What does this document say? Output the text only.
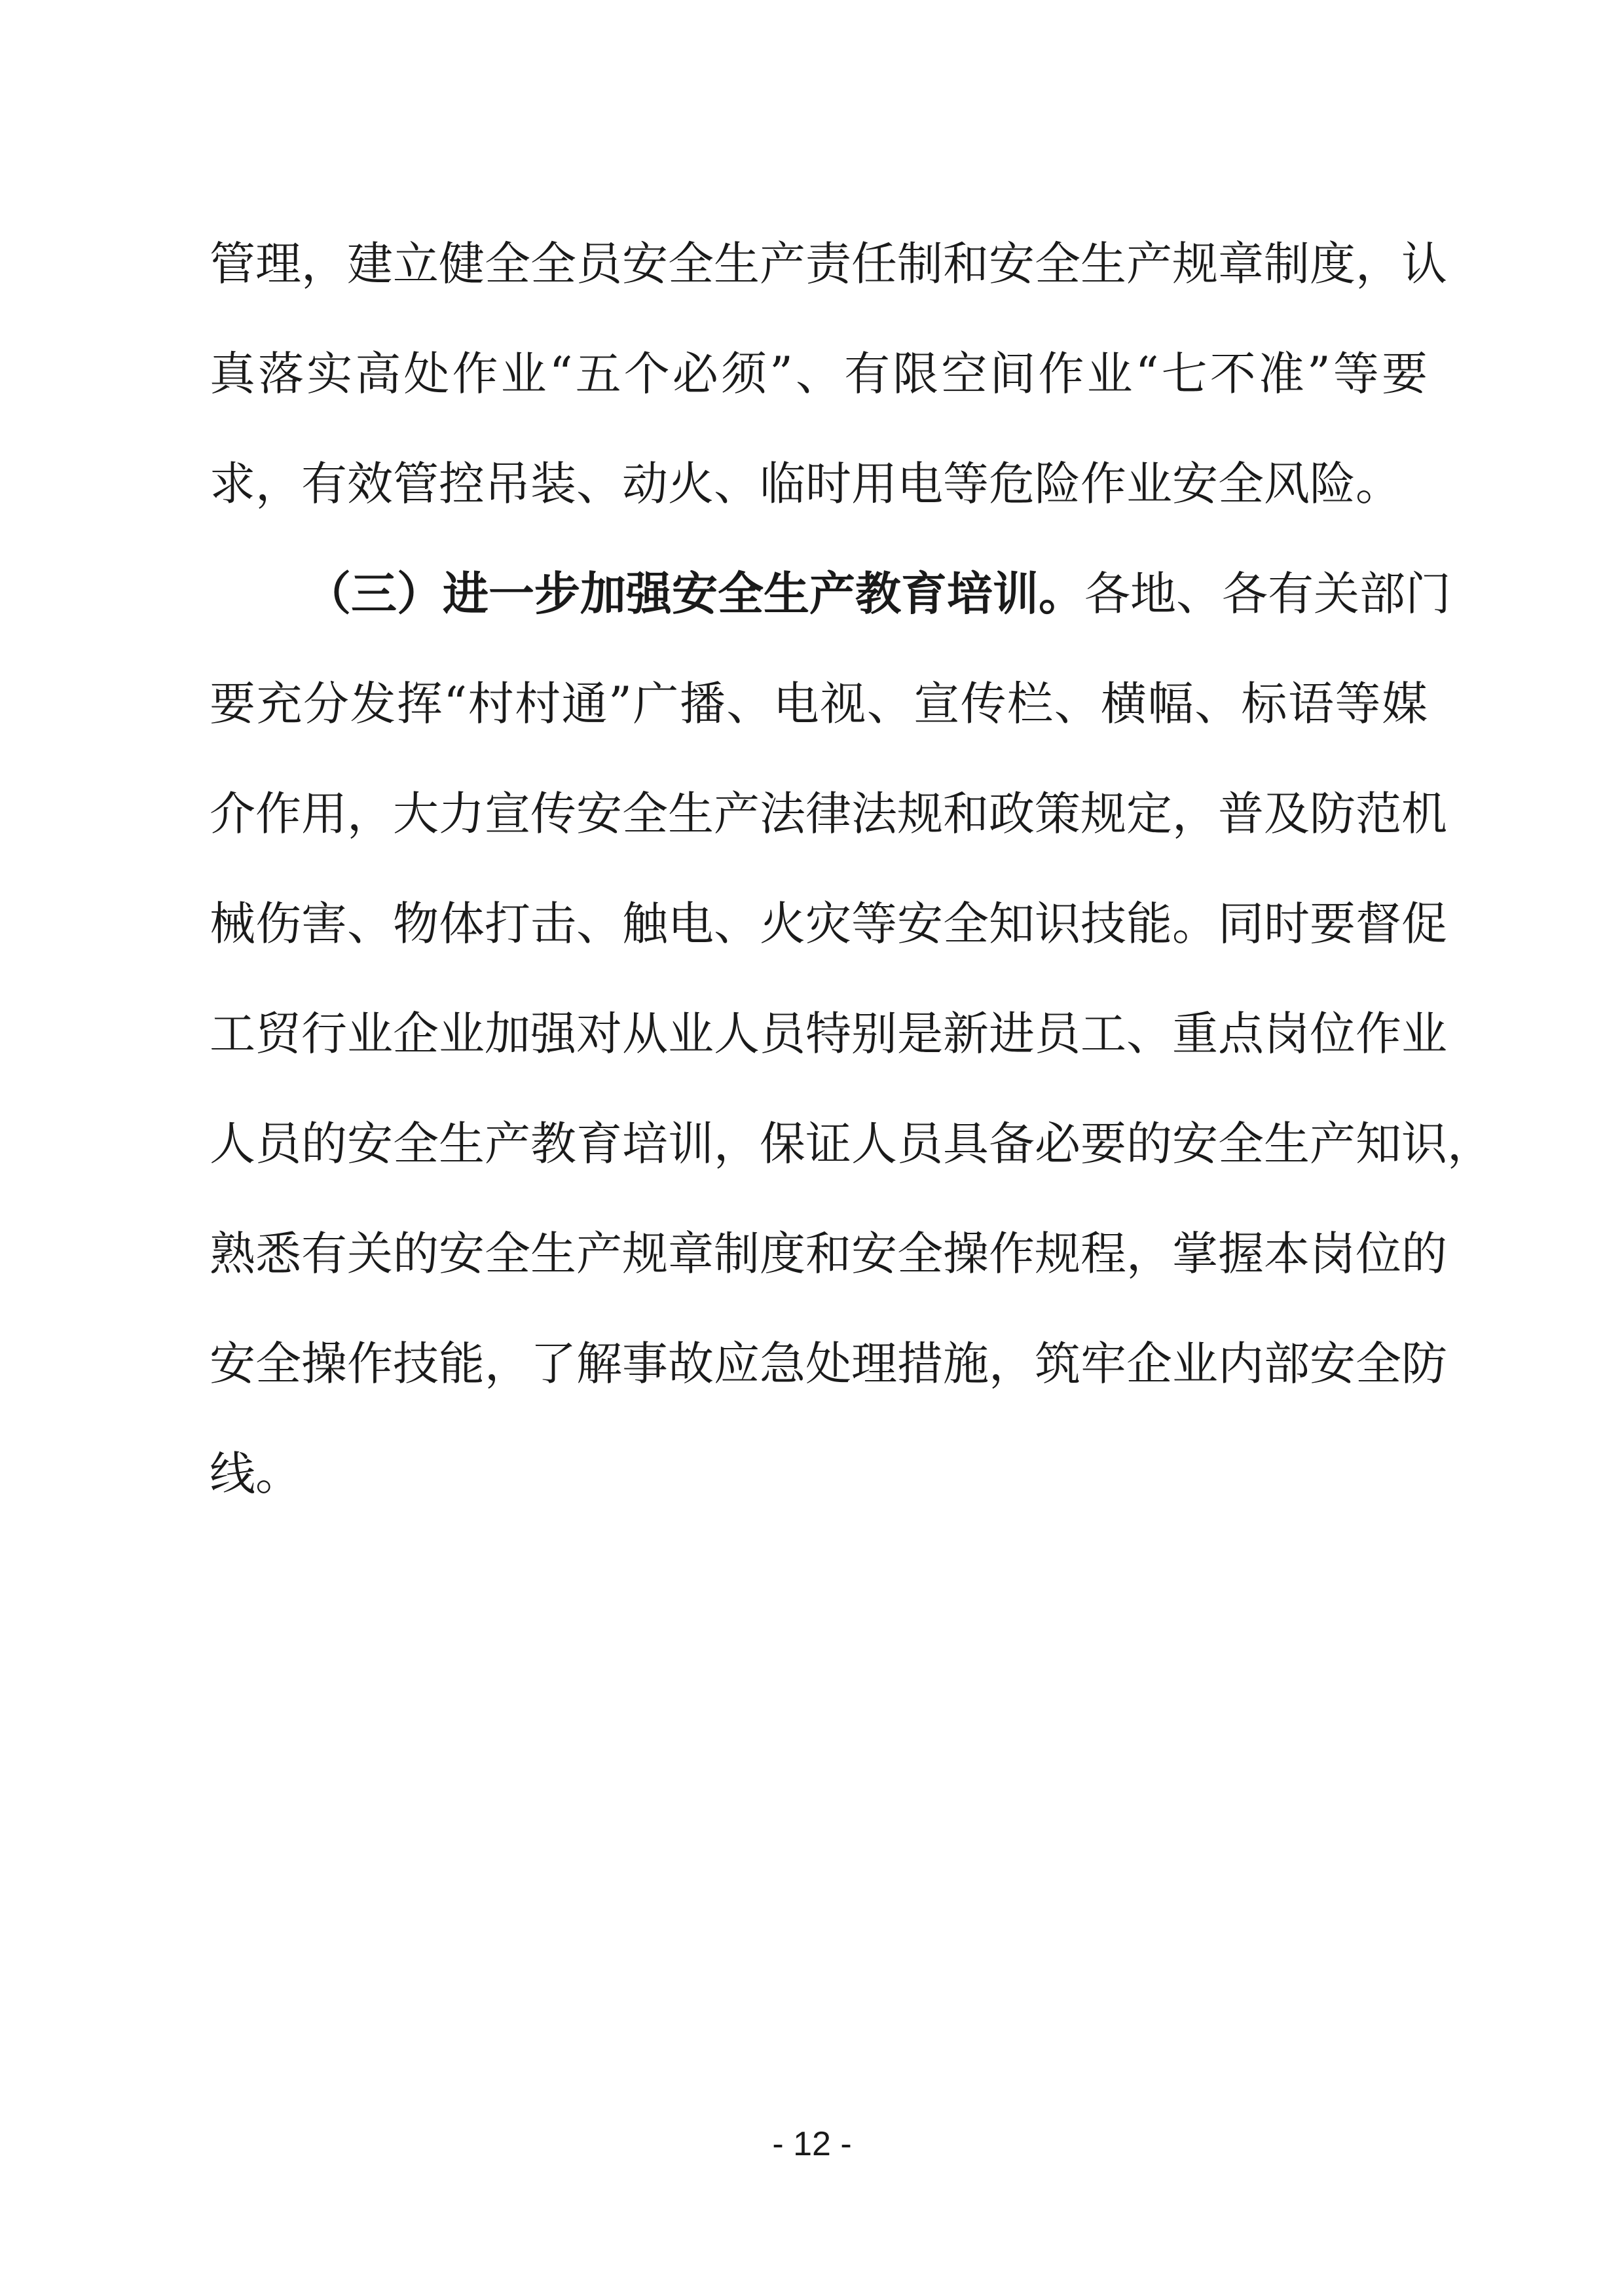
管理，建立健全全员安全生产责任制和安全生产规章制度，认
真落实高处作业“五个必须”、有限空间作业“七不准”等要
求，有效管控吊装、动火、临时用电等危险作业安全风险。
（三）进一步加强安全生产教育培训。各地、各有关部门
要充分发挥“村村通”广播、电视、宣传栏、横幅、标语等媒
介作用，大力宣传安全生产法律法规和政策规定，普及防范机
械伤害、物体打击、触电、火灾等安全知识技能。同时要督促
工贸行业企业加强对从业人员特别是新进员工、重点岗位作业
人员的安全生产教育培训，保证人员具备必要的安全生产知识，
熟悉有关的安全生产规章制度和安全操作规程，掌握本岗位的
安全操作技能，了解事故应急处理措施，筑牢企业内部安全防
线。
- 12 -
